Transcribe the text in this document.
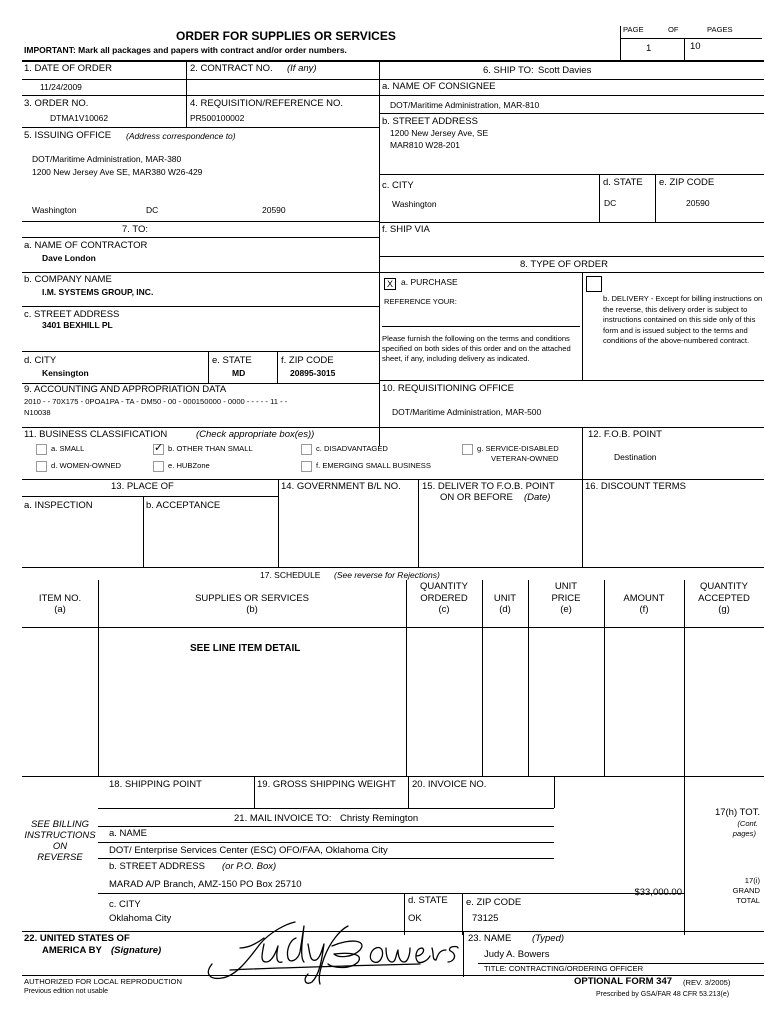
ORDER FOR SUPPLIES OR SERVICES
IMPORTANT: Mark all packages and papers with contract and/or order numbers.
PAGE	OF	PAGES
1	10
1. DATE OF ORDER
11/24/2009
2. CONTRACT NO. (If any)
3. ORDER NO.
DTMA1V10062
4. REQUISITION/REFERENCE NO.
PR500100002
5. ISSUING OFFICE (Address correspondence to)
DOT/Maritime Administration, MAR-380
1200 New Jersey Ave SE, MAR380 W26-429
Washington	DC	20590
6. SHIP TO: Scott Davies
a. NAME OF CONSIGNEE
DOT/Maritime Administration, MAR-810
b. STREET ADDRESS
1200 New Jersey Ave, SE
MAR810 W28-201
c. CITY
Washington
d. STATE
DC
e. ZIP CODE
20590
f. SHIP VIA
7. TO:
a. NAME OF CONTRACTOR
Dave London
b. COMPANY NAME
I.M. SYSTEMS GROUP, INC.
c. STREET ADDRESS
3401 BEXHILL PL
d. CITY
Kensington
e. STATE
MD
f. ZIP CODE
20895-3015
8. TYPE OF ORDER
X a. PURCHASE
REFERENCE YOUR:
Please furnish the following on the terms and conditions specified on both sides of this order and on the attached sheet, if any, including delivery as indicated.
b. DELIVERY - Except for billing instructions on the reverse, this delivery order is subject to instructions contained on this side only of this form and is issued subject to the terms and conditions of the above-numbered contract.
9. ACCOUNTING AND APPROPRIATION DATA
2010 - - 70X175 - 0POA1PA - TA - DM50 - 00 - 000150000 - 0000 - - - - - 11 - -
N10038
10. REQUISITIONING OFFICE
DOT/Maritime Administration, MAR-500
11. BUSINESS CLASSIFICATION	(Check appropriate box(es))
a. SMALL	✓ b. OTHER THAN SMALL	c. DISADVANTAGED	g. SERVICE-DISABLED
VETERAN-OWNED
d. WOMEN-OWNED	e. HUBZone	f. EMERGING SMALL BUSINESS
12. F.O.B. POINT
Destination
13. PLACE OF
a. INSPECTION	b. ACCEPTANCE
14. GOVERNMENT B/L NO. 15. DELIVER TO F.O.B. POINT
ON OR BEFORE (Date)
16. DISCOUNT TERMS
17. SCHEDULE (See reverse for Rejections)
ITEM NO.
(a)
SUPPLIES OR SERVICES
(b)
QUANTITY
ORDERED
(c)
UNIT
(d)
UNIT
PRICE
(e)
AMOUNT
(f)
QUANTITY
ACCEPTED
(g)
SEE LINE ITEM DETAIL
18. SHIPPING POINT	19. GROSS SHIPPING WEIGHT 20. INVOICE NO.
SEE BILLING
INSTRUCTIONS
ON
REVERSE
21. MAIL INVOICE TO: Christy Remington
a. NAME
DOT/ Enterprise Services Center (ESC) OFO/FAA, Oklahoma City
b. STREET ADDRESS (or P.O. Box)
MARAD A/P Branch, AMZ-150 PO Box 25710
c. CITY
Oklahoma City
d. STATE
OK
e. ZIP CODE
73125
17(h) TOT.
(Cont.
pages)
17(i)
GRAND
TOTAL
$33,000.00
22. UNITED STATES OF
AMERICA BY (Signature)
23. NAME (Typed)
Judy A. Bowers
TITLE: CONTRACTING/ORDERING OFFICER
AUTHORIZED FOR LOCAL REPRODUCTION
Previous edition not usable
OPTIONAL FORM 347 (REV. 3/2005)
Prescribed by GSA/FAR 48 CFR 53.213(e)
